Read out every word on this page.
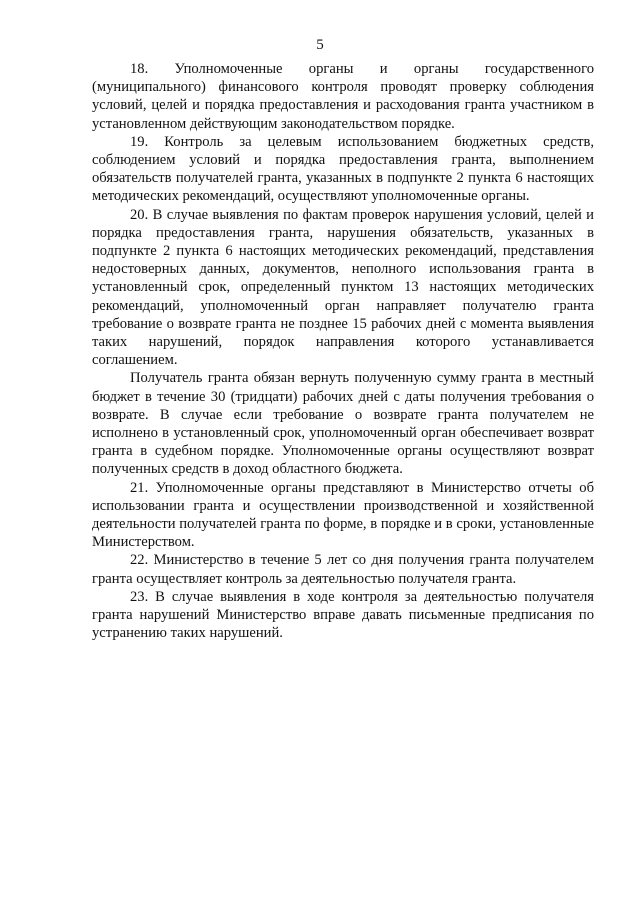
5

18. Уполномоченные органы и органы государственного (муниципального) финансового контроля проводят проверку соблюдения условий, целей и порядка предоставления и расходования гранта участником в установленном действующим законодательством порядке.

19. Контроль за целевым использованием бюджетных средств, соблюдением условий и порядка предоставления гранта, выполнением обязательств получателей гранта, указанных в подпункте 2 пункта 6 настоящих методических рекомендаций, осуществляют уполномоченные органы.

20. В случае выявления по фактам проверок нарушения условий, целей и порядка предоставления гранта, нарушения обязательств, указанных в подпункте 2 пункта 6 настоящих методических рекомендаций, представления недостоверных данных, документов, неполного использования гранта в установленный срок, определенный пунктом 13 настоящих методических рекомендаций, уполномоченный орган направляет получателю гранта требование о возврате гранта не позднее 15 рабочих дней с момента выявления таких нарушений, порядок направления которого устанавливается соглашением.

Получатель гранта обязан вернуть полученную сумму гранта в местный бюджет в течение 30 (тридцати) рабочих дней с даты получения требования о возврате. В случае если требование о возврате гранта получателем не исполнено в установленный срок, уполномоченный орган обеспечивает возврат гранта в судебном порядке. Уполномоченные органы осуществляют возврат полученных средств в доход областного бюджета.

21. Уполномоченные органы представляют в Министерство отчеты об использовании гранта и осуществлении производственной и хозяйственной деятельности получателей гранта по форме, в порядке и в сроки, установленные Министерством.

22. Министерство в течение 5 лет со дня получения гранта получателем гранта осуществляет контроль за деятельностью получателя гранта.

23. В случае выявления в ходе контроля за деятельностью получателя гранта нарушений Министерство вправе давать письменные предписания по устранению таких нарушений.
